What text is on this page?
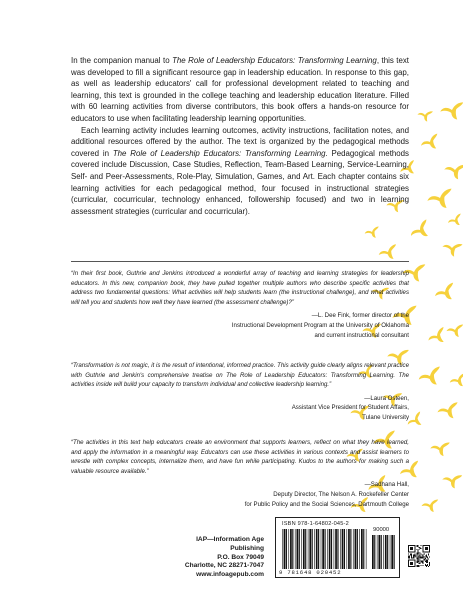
In the companion manual to The Role of Leadership Educators: Transforming Learning, this text was developed to fill a significant resource gap in leadership education. In response to this gap, as well as leadership educators' call for professional development related to teaching and learning, this text is grounded in the college teaching and leadership education literature. Filled with 60 learning activities from diverse contributors, this book offers a hands-on resource for educators to use when facilitating leadership learning opportunities.

Each learning activity includes learning outcomes, activity instructions, facilitation notes, and additional resources offered by the author. The text is organized by the pedagogical methods covered in The Role of Leadership Educators: Transforming Learning. Pedagogical methods covered include Discussion, Case Studies, Reflection, Team-Based Learning, Service-Learning, Self- and Peer-Assessments, Role-Play, Simulation, Games, and Art. Each chapter contains six learning activities for each pedagogical method, four focused in instructional strategies (curricular, cocurricular, technology enhanced, followership focused) and two in learning assessment strategies (curricular and cocurricular).

“In their first book, Guthrie and Jenkins introduced a wonderful array of teaching and learning strategies for leadership educators. In this new, companion book, they have pulled together multiple authors who describe specific activities that address two fundamental questions: What activities will help students learn (the instructional challenge), and what activities will tell you and students how well they have learned (the assessment challenge)?”
—L. Dee Fink, former director of the
Instructional Development Program at the University of Oklahoma
and current instructional consultant
“Transformation is not magic, it is the result of intentional, informed practice. This activity guide clearly aligns relevant practice with Guthrie and Jenkin's comprehensive treatise on The Role of Leadership Educators: Transforming Learning. The activities inside will build your capacity to transform individual and collective leadership learning.”
—Laura Osteen,
Assistant Vice President for Student Affairs,
Tulane University
“The activities in this text help educators create an environment that supports learners, reflect on what they have learned, and apply the information in a meaningful way. Educators can use these activities in various contexts and assist learners to wrestle with complex concepts, internalize them, and have fun while participating. Kudos to the authors for making such a valuable resource available.”
—Sadhana Hall,
Deputy Director, The Nelson A. Rockefeller Center
for Public Policy and the Social Sciences, Dartmouth College
IAP—Information Age Publishing
P.O. Box 79049
Charlotte, NC 28271-7047
www.infoagepub.com
ISBN 978-1-64802-045-2
90000
9 781648 020452
